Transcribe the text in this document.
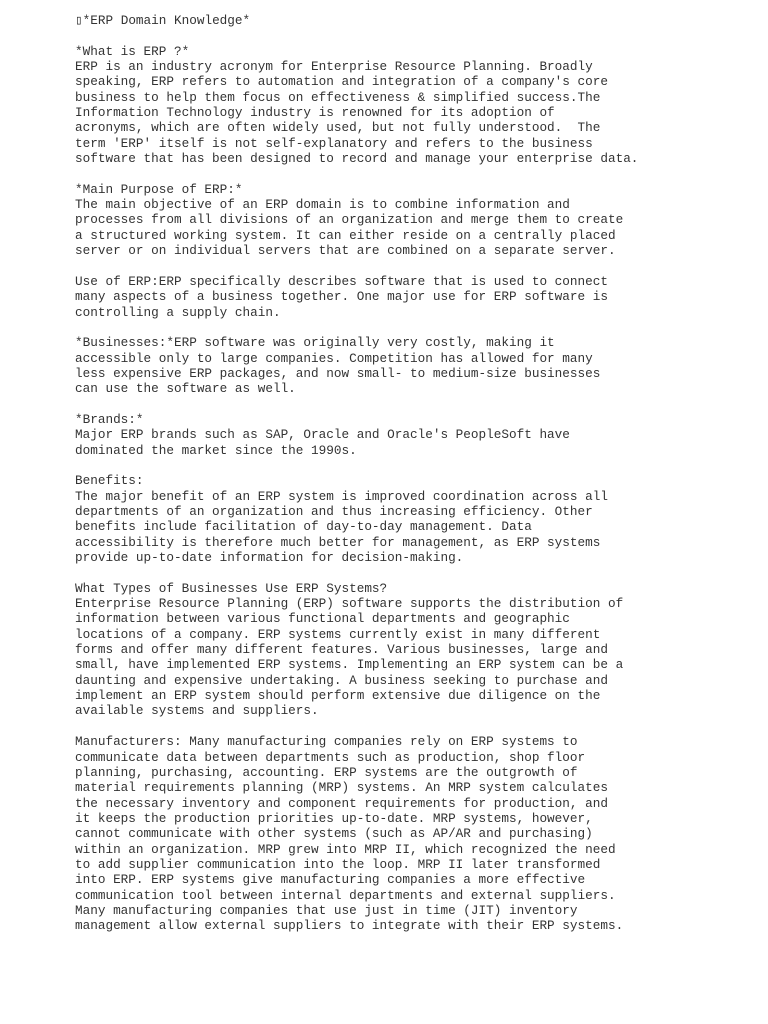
▯*ERP Domain Knowledge*
*What is ERP ?*
ERP is an industry acronym for Enterprise Resource Planning. Broadly
speaking, ERP refers to automation and integration of a company's core
business to help them focus on effectiveness & simplified success.The
Information Technology industry is renowned for its adoption of
acronyms, which are often widely used, but not fully understood.  The
term 'ERP' itself is not self-explanatory and refers to the business
software that has been designed to record and manage your enterprise data.
*Main Purpose of ERP:*
The main objective of an ERP domain is to combine information and
processes from all divisions of an organization and merge them to create
a structured working system. It can either reside on a centrally placed
server or on individual servers that are combined on a separate server.
Use of ERP:ERP specifically describes software that is used to connect
many aspects of a business together. One major use for ERP software is
controlling a supply chain.
*Businesses:*ERP software was originally very costly, making it
accessible only to large companies. Competition has allowed for many
less expensive ERP packages, and now small- to medium-size businesses
can use the software as well.
*Brands:*
Major ERP brands such as SAP, Oracle and Oracle's PeopleSoft have
dominated the market since the 1990s.
Benefits:
The major benefit of an ERP system is improved coordination across all
departments of an organization and thus increasing efficiency. Other
benefits include facilitation of day-to-day management. Data
accessibility is therefore much better for management, as ERP systems
provide up-to-date information for decision-making.
What Types of Businesses Use ERP Systems?
Enterprise Resource Planning (ERP) software supports the distribution of
information between various functional departments and geographic
locations of a company. ERP systems currently exist in many different
forms and offer many different features. Various businesses, large and
small, have implemented ERP systems. Implementing an ERP system can be a
daunting and expensive undertaking. A business seeking to purchase and
implement an ERP system should perform extensive due diligence on the
available systems and suppliers.
Manufacturers: Many manufacturing companies rely on ERP systems to
communicate data between departments such as production, shop floor
planning, purchasing, accounting. ERP systems are the outgrowth of
material requirements planning (MRP) systems. An MRP system calculates
the necessary inventory and component requirements for production, and
it keeps the production priorities up-to-date. MRP systems, however,
cannot communicate with other systems (such as AP/AR and purchasing)
within an organization. MRP grew into MRP II, which recognized the need
to add supplier communication into the loop. MRP II later transformed
into ERP. ERP systems give manufacturing companies a more effective
communication tool between internal departments and external suppliers.
Many manufacturing companies that use just in time (JIT) inventory
management allow external suppliers to integrate with their ERP systems.
